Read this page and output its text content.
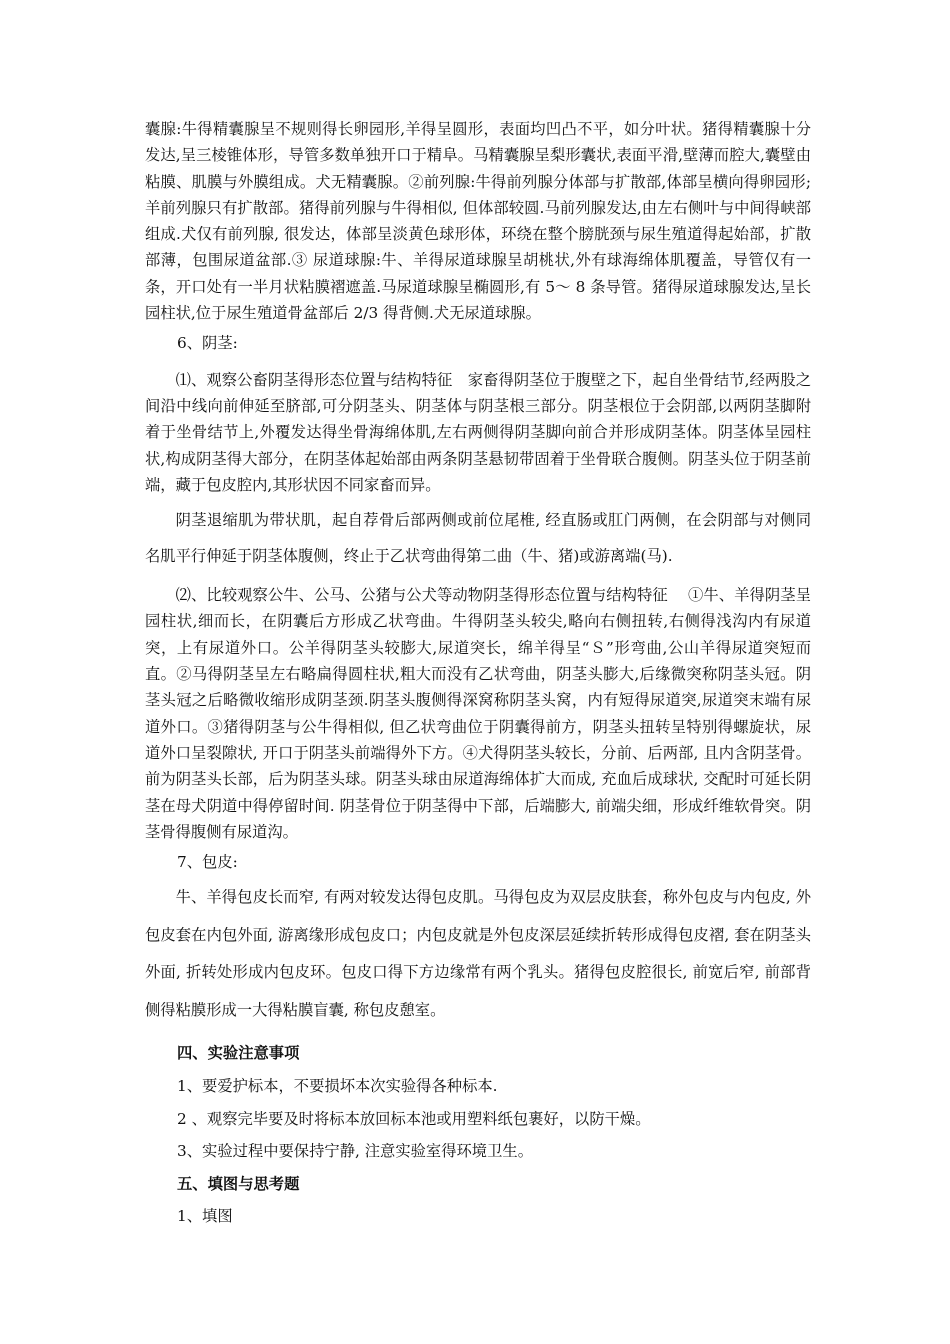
囊腺:牛得精囊腺呈不规则得长卵园形,羊得呈圆形，表面均凹凸不平，如分叶状。猪得精囊腺十分发达,呈三棱锥体形，导管多数单独开口于精阜。马精囊腺呈梨形囊状,表面平滑,壁薄而腔大,囊壁由粘膜、肌膜与外膜组成。犬无精囊腺。②前列腺:牛得前列腺分体部与扩散部,体部呈横向得卵园形;羊前列腺只有扩散部。猪得前列腺与牛得相似, 但体部较圆.马前列腺发达,由左右侧叶与中间得峡部组成.犬仅有前列腺, 很发达，体部呈淡黄色球形体，环绕在整个膀胱颈与尿生殖道得起始部，扩散部薄，包围尿道盆部.③ 尿道球腺:牛、羊得尿道球腺呈胡桃状,外有球海绵体肌覆盖，导管仅有一条，开口处有一半月状粘膜褶遮盖.马尿道球腺呈椭圆形,有 5～ 8 条导管。猪得尿道球腺发达,呈长园柱状,位于尿生殖道骨盆部后 2/3 得背侧.犬无尿道球腺。

6、阴茎:

⑴、观察公畜阴茎得形态位置与结构特征　家畜得阴茎位于腹壁之下，起自坐骨结节,经两股之间沿中线向前伸延至脐部,可分阴茎头、阴茎体与阴茎根三部分。阴茎根位于会阴部,以两阴茎脚附着于坐骨结节上,外覆发达得坐骨海绵体肌,左右两侧得阴茎脚向前合并形成阴茎体。阴茎体呈园柱状,构成阴茎得大部分，在阴茎体起始部由两条阴茎悬韧带固着于坐骨联合腹侧。阴茎头位于阴茎前端，藏于包皮腔内,其形状因不同家畜而异。

阴茎退缩肌为带状肌，起自荐骨后部两侧或前位尾椎, 经直肠或肛门两侧，在会阴部与对侧同名肌平行伸延于阴茎体腹侧，终止于乙状弯曲得第二曲（牛、猪)或游离端(马).

⑵、比较观察公牛、公马、公猪与公犬等动物阴茎得形态位置与结构特征　 ①牛、羊得阴茎呈园柱状,细而长，在阴囊后方形成乙状弯曲。牛得阴茎头较尖,略向右侧扭转,右侧得浅沟内有尿道突，上有尿道外口。公羊得阴茎头较膨大,尿道突长，绵羊得呈“Ｓ”形弯曲,公山羊得尿道突短而直。②马得阴茎呈左右略扁得圆柱状,粗大而没有乙状弯曲，阴茎头膨大,后缘微突称阴茎头冠。阴茎头冠之后略微收缩形成阴茎颈.阴茎头腹侧得深窝称阴茎头窝，内有短得尿道突,尿道突末端有尿道外口。③猪得阴茎与公牛得相似, 但乙状弯曲位于阴囊得前方，阴茎头扭转呈特别得螺旋状，尿道外口呈裂隙状, 开口于阴茎头前端得外下方。④犬得阴茎头较长，分前、后两部, 且内含阴茎骨。前为阴茎头长部，后为阴茎头球。阴茎头球由尿道海绵体扩大而成, 充血后成球状, 交配时可延长阴茎在母犬阴道中得停留时间. 阴茎骨位于阴茎得中下部，后端膨大, 前端尖细，形成纤维软骨突。阴茎骨得腹侧有尿道沟。

7、包皮:

牛、羊得包皮长而窄, 有两对较发达得包皮肌。马得包皮为双层皮肤套，称外包皮与内包皮, 外包皮套在内包外面, 游离缘形成包皮口；内包皮就是外包皮深层延续折转形成得包皮褶, 套在阴茎头外面, 折转处形成内包皮环。包皮口得下方边缘常有两个乳头。猪得包皮腔很长, 前宽后窄, 前部背侧得粘膜形成一大得粘膜盲囊, 称包皮憩室。

四、实验注意事项

1、要爱护标本，不要损坏本次实验得各种标本.

2 、观察完毕要及时将标本放回标本池或用塑料纸包裹好，以防干燥。

3、实验过程中要保持宁静, 注意实验室得环境卫生。

五、填图与思考题

1、填图
